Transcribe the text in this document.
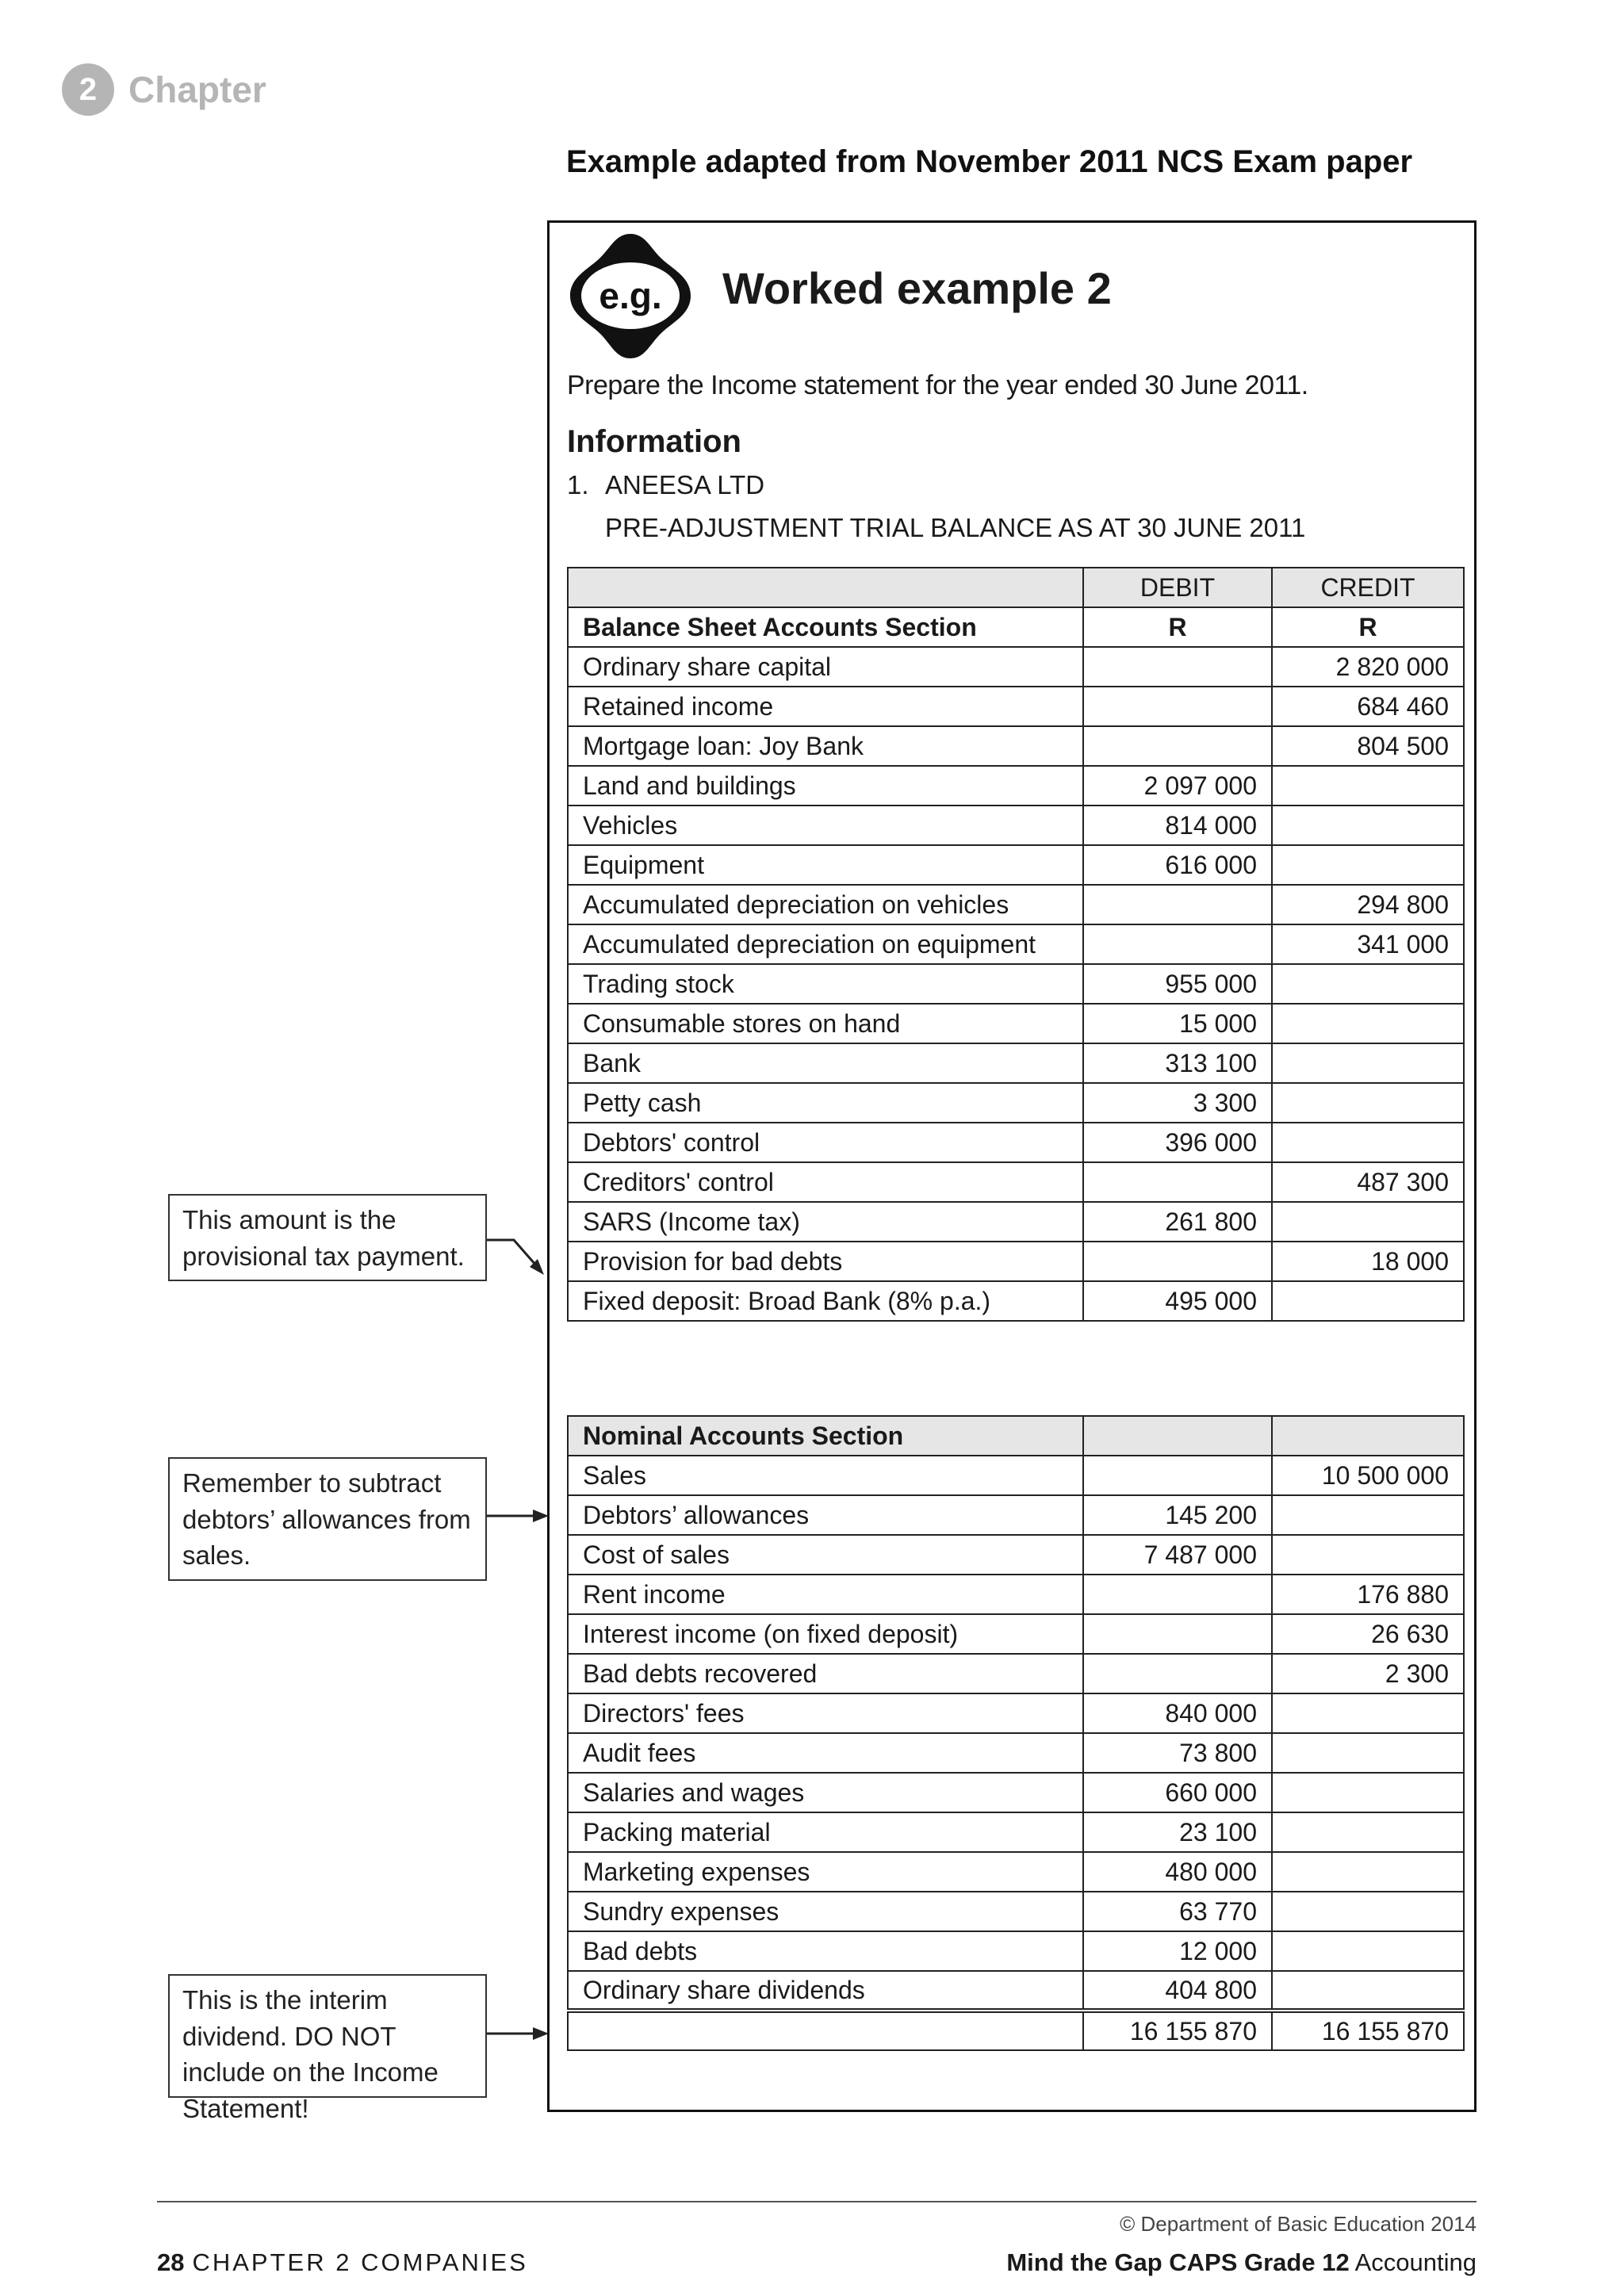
2 Chapter
Example adapted from November 2011 NCS Exam paper
e.g. Worked example 2
Prepare the Income statement for the year ended 30 June 2011.
Information
1. ANEESA LTD
PRE-ADJUSTMENT TRIAL BALANCE AS AT 30 JUNE 2011
	DEBIT	CREDIT
Balance Sheet Accounts Section	R	R
Ordinary share capital		2 820 000
Retained income		684 460
Mortgage loan: Joy Bank		804 500
Land and buildings	2 097 000	
Vehicles	814 000	
Equipment	616 000	
Accumulated depreciation on vehicles		294 800
Accumulated depreciation on equipment		341 000
Trading stock	955 000	
Consumable stores on hand	15 000	
Bank	313 100	
Petty cash	3 300	
Debtors' control	396 000	
Creditors' control		487 300
SARS (Income tax)	261 800	
Provision for bad debts		18 000
Fixed deposit: Broad Bank (8% p.a.)	495 000	
Nominal Accounts Section		
Sales		10 500 000
Debtors’ allowances	145 200	
Cost of sales	7 487 000	
Rent income		176 880
Interest income (on fixed deposit)		26 630
Bad debts recovered		2 300
Directors' fees	840 000	
Audit fees	73 800	
Salaries and wages	660 000	
Packing material	23 100	
Marketing expenses	480 000	
Sundry expenses	63 770	
Bad debts	12 000	
Ordinary share dividends	404 800	
	16 155 870	16 155 870
This amount is the provisional tax payment.
Remember to subtract debtors’ allowances from sales.
This is the interim dividend. DO NOT include on the Income Statement!
© Department of Basic Education 2014
28 CHAPTER 2 COMPANIES	Mind the Gap CAPS Grade 12 Accounting
